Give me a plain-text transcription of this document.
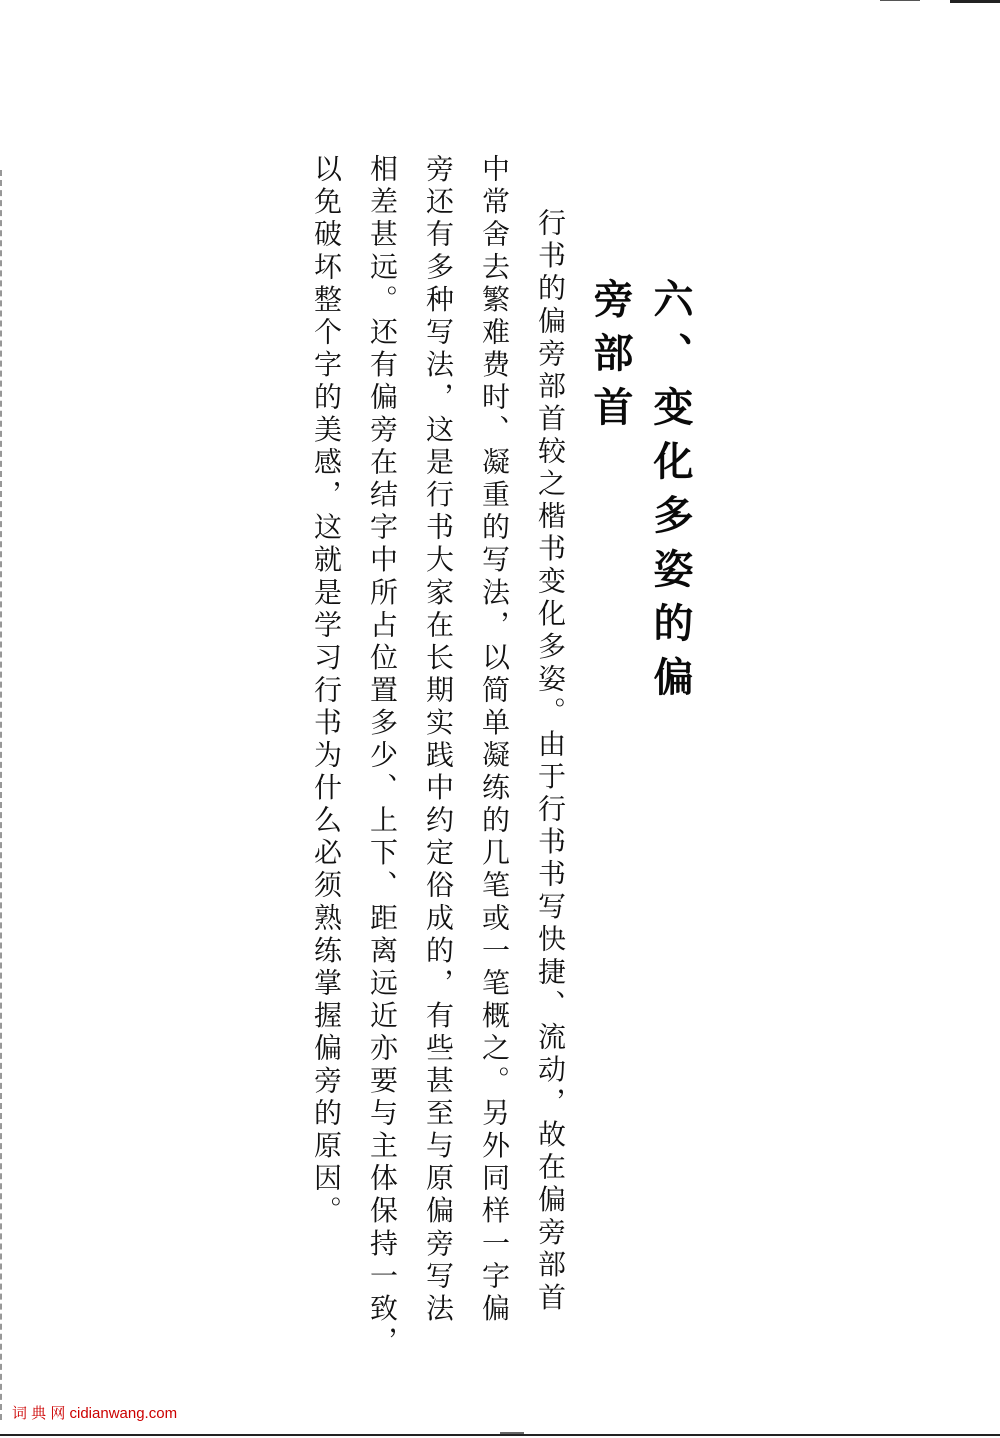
六、变化多姿的偏旁部首

行书的偏旁部首较之楷书变化多姿。由于行书书写快捷、流动，故在偏旁部首

中常舍去繁难费时、凝重的写法，以简单凝练的几笔或一笔概之。另外同样一字偏

旁还有多种写法，这是行书大家在长期实践中约定俗成的，有些甚至与原偏旁写法

相差甚远。还有偏旁在结字中所占位置多少、上下、距离远近亦要与主体保持一致，

以免破坏整个字的美感，这就是学习行书为什么必须熟练掌握偏旁的原因。

词 典 网 cidianwang.com
